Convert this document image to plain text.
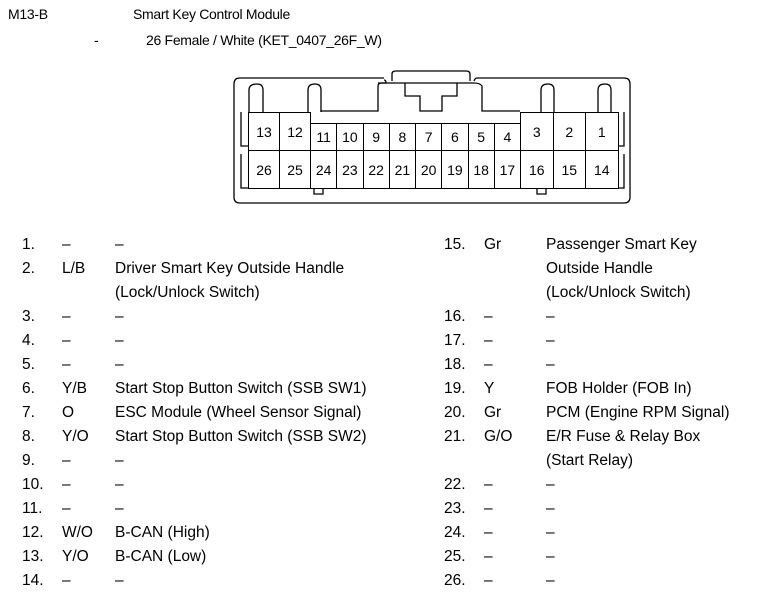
M13-B	Smart Key Control Module
-	26 Female / White (KET_0407_26F_W)
13	12
26	25
11 10	9	8	7	6	5	4
24 23 22 21 20 19 18 17
3	2	1
16	15	14
1.	–	–
2.	L/B	Driver Smart Key Outside Handle
(Lock/Unlock Switch)
3.	–	–
4.	–	–
5.	–	–
6.	Y/B	Start Stop Button Switch (SSB SW1)
7.	O	ESC Module (Wheel Sensor Signal)
8.	Y/O	Start Stop Button Switch (SSB SW2)
9.	–	–
10.	–	–
11.	–	–
12.	W/O	B-CAN (High)
13.	Y/O	B-CAN (Low)
14.	–	–
15.	Gr	Passenger Smart Key
Outside Handle
(Lock/Unlock Switch)
16.	–	–
17.	–	–
18.	–	–
19.	Y	FOB Holder (FOB In)
20.	Gr	PCM (Engine RPM Signal)
21.	G/O	E/R Fuse & Relay Box
(Start Relay)
22.	–	–
23.	–	–
24.	–	–
25.	–	–
26.	–	–
